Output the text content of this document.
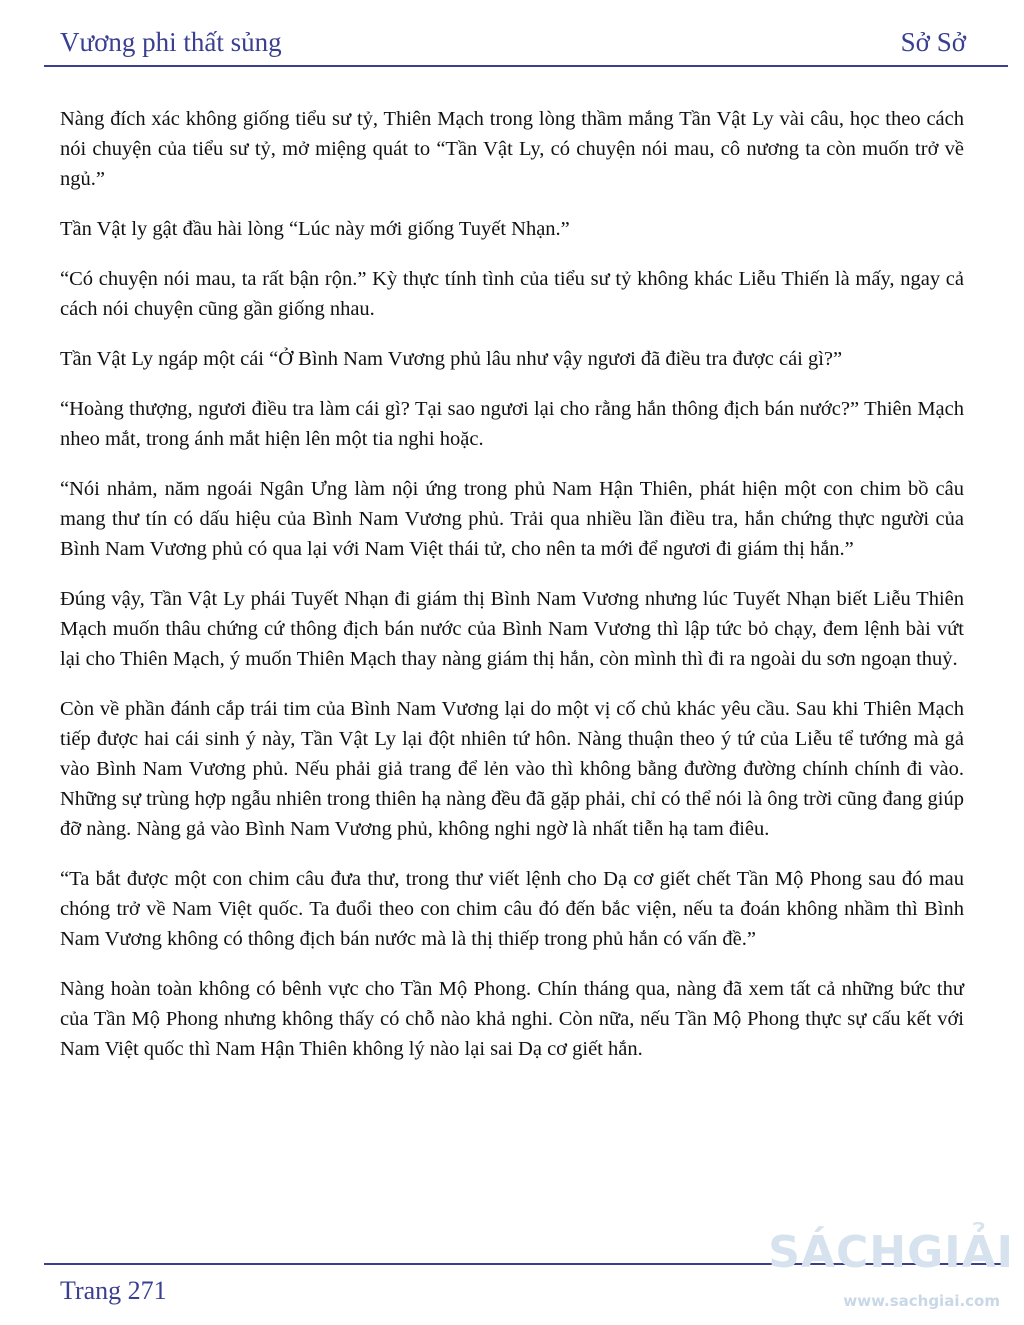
Vương phi thất sủng	Sở Sở

Nàng đích xác không giống tiểu sư tỷ, Thiên Mạch trong lòng thầm mắng Tần Vật Ly vài câu, học theo cách nói chuyện của tiểu sư tỷ, mở miệng quát to “Tần Vật Ly, có chuyện nói mau, cô nương ta còn muốn trở về ngủ.”

Tần Vật ly gật đầu hài lòng “Lúc này mới giống Tuyết Nhạn.”

“Có chuyện nói mau, ta rất bận rộn.” Kỳ thực tính tình của tiểu sư tỷ không khác Liễu Thiến là mấy, ngay cả cách nói chuyện cũng gần giống nhau.

Tần Vật Ly ngáp một cái “Ở Bình Nam Vương phủ lâu như vậy ngươi đã điều tra được cái gì?”

“Hoàng thượng, ngươi điều tra làm cái gì? Tại sao ngươi lại cho rằng hắn thông địch bán nước?” Thiên Mạch nheo mắt, trong ánh mắt hiện lên một tia nghi hoặc.

“Nói nhảm, năm ngoái Ngân Ưng làm nội ứng trong phủ Nam Hận Thiên, phát hiện một con chim bồ câu mang thư tín có dấu hiệu của Bình Nam Vương phủ. Trải qua nhiều lần điều tra, hắn chứng thực người của Bình Nam Vương phủ có qua lại với Nam Việt thái tử, cho nên ta mới để ngươi đi giám thị hắn.”

Đúng vậy, Tần Vật Ly phái Tuyết Nhạn đi giám thị Bình Nam Vương nhưng lúc Tuyết Nhạn biết Liễu Thiên Mạch muốn thâu chứng cứ thông địch bán nước của Bình Nam Vương thì lập tức bỏ chạy, đem lệnh bài vứt lại cho Thiên Mạch, ý muốn Thiên Mạch thay nàng giám thị hắn, còn mình thì đi ra ngoài du sơn ngoạn thuỷ.

Còn về phần đánh cắp trái tim của Bình Nam Vương lại do một vị cố chủ khác yêu cầu. Sau khi Thiên Mạch tiếp được hai cái sinh ý này, Tần Vật Ly lại đột nhiên tứ hôn. Nàng thuận theo ý tứ của Liễu tể tướng mà gả vào Bình Nam Vương phủ. Nếu phải giả trang để lẻn vào thì không bằng đường đường chính chính đi vào. Những sự trùng hợp ngẫu nhiên trong thiên hạ nàng đều đã gặp phải, chỉ có thể nói là ông trời cũng đang giúp đỡ nàng. Nàng gả vào Bình Nam Vương phủ, không nghi ngờ là nhất tiễn hạ tam điêu.

“Ta bắt được một con chim câu đưa thư, trong thư viết lệnh cho Dạ cơ giết chết Tần Mộ Phong sau đó mau chóng trở về Nam Việt quốc. Ta đuổi theo con chim câu đó đến bắc viện, nếu ta đoán không nhầm thì Bình Nam Vương không có thông địch bán nước mà là thị thiếp trong phủ hắn có vấn đề.”

Nàng hoàn toàn không có bênh vực cho Tần Mộ Phong. Chín tháng qua, nàng đã xem tất cả những bức thư của Tần Mộ Phong nhưng không thấy có chỗ nào khả nghi. Còn nữa, nếu Tần Mộ Phong thực sự cấu kết với Nam Việt quốc thì Nam Hận Thiên không lý nào lại sai Dạ cơ giết hắn.

Trang 271
SÁCHGIẢI
www.sachgiai.com
